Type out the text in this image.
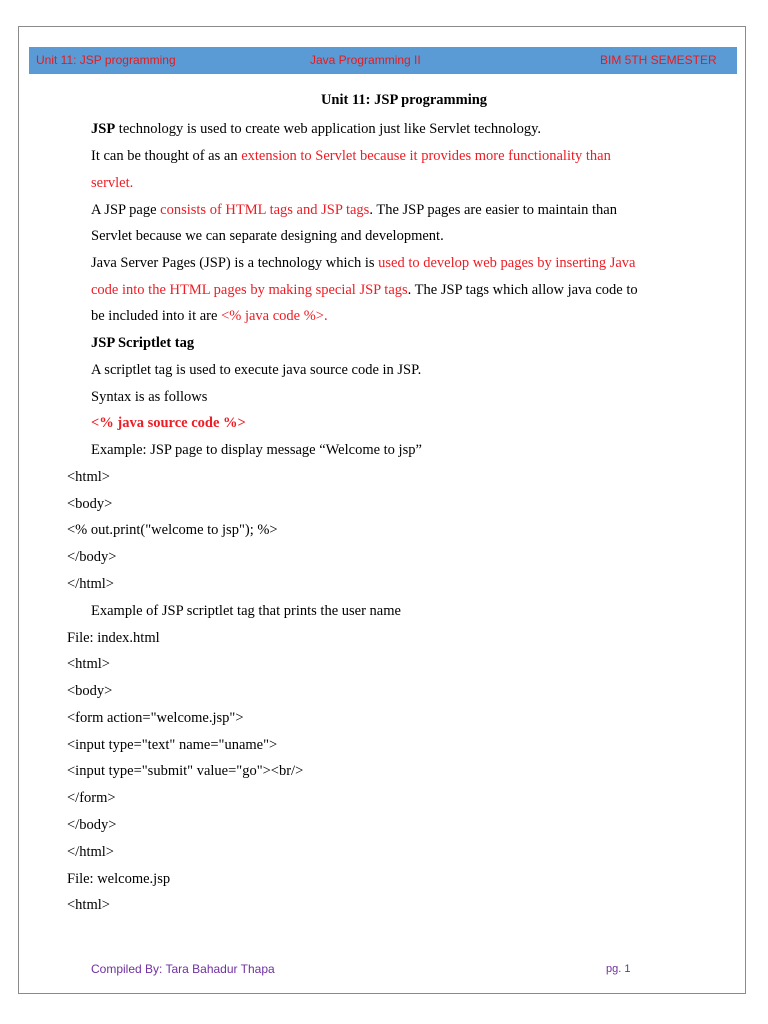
Unit 11: JSP programming	Java Programming II	BIM 5TH SEMESTER
Unit 11: JSP programming
JSP technology is used to create web application just like Servlet technology.
It can be thought of as an extension to Servlet because it provides more functionality than
servlet.
A JSP page consists of HTML tags and JSP tags. The JSP pages are easier to maintain than
Servlet because we can separate designing and development.
Java Server Pages (JSP) is a technology which is used to develop web pages by inserting Java
code into the HTML pages by making special JSP tags. The JSP tags which allow java code to
be included into it are <% java code %>.
JSP Scriptlet tag
A scriptlet tag is used to execute java source code in JSP.
Syntax is as follows
<% java source code %>
Example: JSP page to display message “Welcome to jsp”
<html>
<body>
<% out.print("welcome to jsp"); %>
</body>
</html>
Example of JSP scriptlet tag that prints the user name
File: index.html
<html>
<body>
<form action="welcome.jsp">
<input type="text" name="uname">
<input type="submit" value="go"><br/>
</form>
</body>
</html>
File: welcome.jsp
<html>
Compiled By: Tara Bahadur Thapa	pg. 1
